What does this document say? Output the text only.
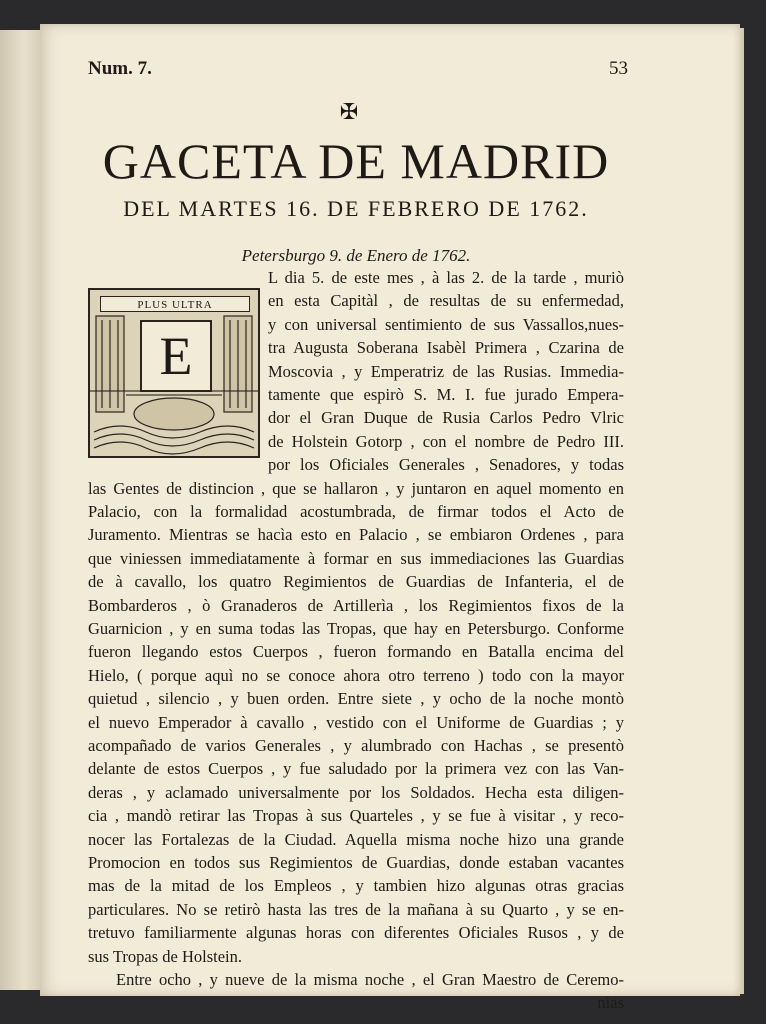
Num. 7.	53
✠
GACETA DE MADRID
DEL MARTES 16. DE FEBRERO DE 1762.
Petersburgo 9. de Enero de 1762.
PLUS ULTRA
E
L dia 5. de este mes , à las 2. de la tarde , muriò
en esta Capitàl , de resultas de su enfermedad,
y con universal sentimiento de sus Vassallos,nues-
tra Augusta Soberana Isabèl Primera , Czarina de
Moscovia , y Emperatriz de las Rusias. Immedia-
tamente que espirò S. M. I. fue jurado Empera-
dor el Gran Duque de Rusia Carlos Pedro Vlric
de Holstein Gotorp , con el nombre de Pedro III.
por los Oficiales Generales , Senadores, y todas
las Gentes de distincion , que se hallaron , y juntaron en aquel momento en
Palacio, con la formalidad acostumbrada, de firmar todos el Acto de
Juramento. Mientras se hacìa esto en Palacio , se embiaron Ordenes , para
que viniessen immediatamente à formar en sus immediaciones las Guardias
de à cavallo, los quatro Regimientos de Guardias de Infanteria, el de
Bombarderos , ò Granaderos de Artillerìa , los Regimientos fixos de la
Guarnicion , y en suma todas las Tropas, que hay en Petersburgo. Conforme
fueron llegando estos Cuerpos , fueron formando en Batalla encima del
Hielo, ( porque aquì no se conoce ahora otro terreno ) todo con la mayor
quietud , silencio , y buen orden. Entre siete , y ocho de la noche montò
el nuevo Emperador à cavallo , vestido con el Uniforme de Guardias ; y
acompañado de varios Generales , y alumbrado con Hachas , se presentò
delante de estos Cuerpos , y fue saludado por la primera vez con las Van-
deras , y aclamado universalmente por los Soldados. Hecha esta diligen-
cia , mandò retirar las Tropas à sus Quarteles , y se fue à visitar , y reco-
nocer las Fortalezas de la Ciudad. Aquella misma noche hizo una grande
Promocion en todos sus Regimientos de Guardias, donde estaban vacantes
mas de la mitad de los Empleos , y tambien hizo algunas otras gracias
particulares. No se retirò hasta las tres de la mañana à su Quarto , y se en-
tretuvo familiarmente algunas horas con diferentes Oficiales Rusos , y de
sus Tropas de Holstein.
Entre ocho , y nueve de la misma noche , el Gran Maestro de Ceremo-
nias
